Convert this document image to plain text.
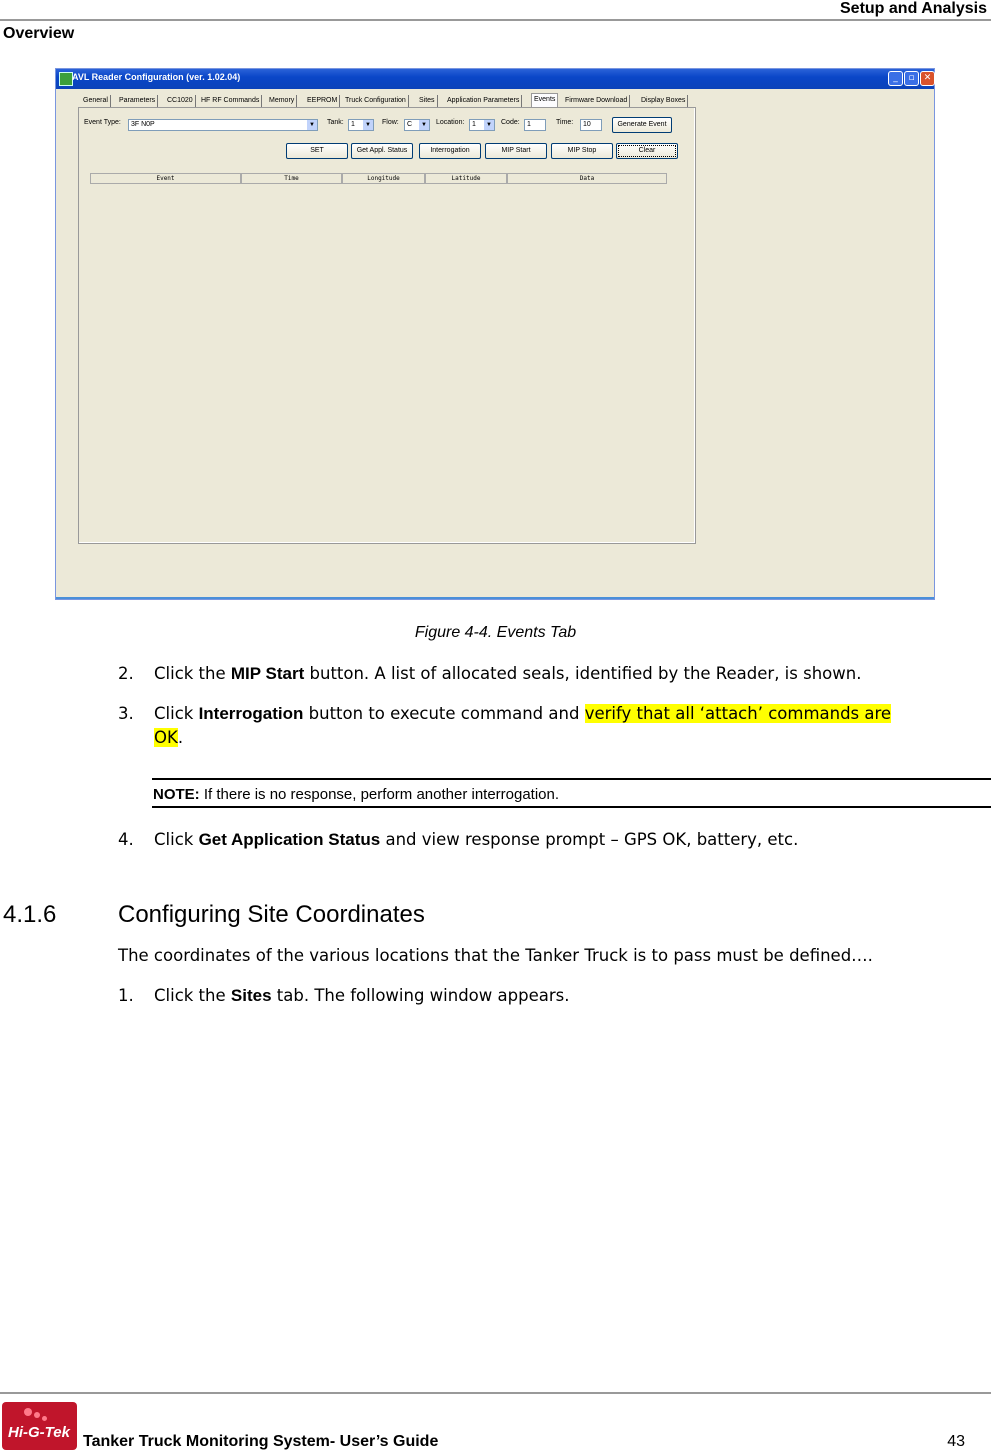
Setup and Analysis
Overview
AVL Reader Configuration (ver. 1.02.04)	_	▫	✕
General	Parameters	CC1020	HF RF Commands	Memory	EEPROM	Truck Configuration	Sites	Application Parameters	Events	Firmware Download	Display Boxes
Event Type:	3F N0P	▼ Tank:	1	▼ Flow:	C	▼ Location:	1	▼ Code:	1	Time:	10	Generate Event
SET	Get Appl. Status	Interrogation	MIP Start	MIP Stop	Clear
Event	Time	Longitude	Latitude	Data
Figure 4-4. Events Tab
2. Click the MIP Start button. A list of allocated seals, identified by the Reader, is shown.
3. Click Interrogation button to execute command and verify that all ‘attach’ commands are
OK.
NOTE: If there is no response, perform another interrogation.
4. Click Get Application Status and view response prompt – GPS OK, battery, etc.
4.1.6	Configuring Site Coordinates
The coordinates of the various locations that the Tanker Truck is to pass must be defined….
1. Click the Sites tab. The following window appears.
Hi-G-Tek
Tanker Truck Monitoring System- User’s Guide	43
